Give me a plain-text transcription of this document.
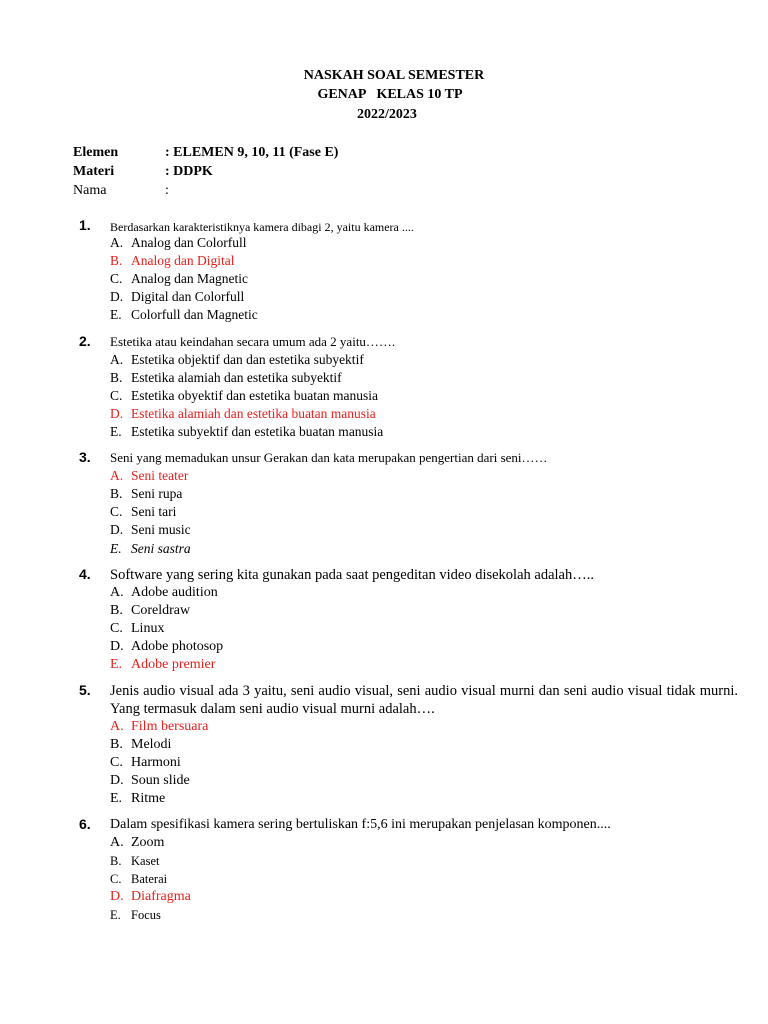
NASKAH SOAL SEMESTER
GENAP KELAS 10 TP
2022/2023
Elemen	: ELEMEN 9, 10, 11 (Fase E)
Materi	: DDPK
Nama	:
1. Berdasarkan karakteristiknya kamera dibagi 2, yaitu kamera ....
A. Analog dan Colorfull
B. Analog dan Digital
C. Analog dan Magnetic
D. Digital dan Colorfull
E. Colorfull dan Magnetic
2. Estetika atau keindahan secara umum ada 2 yaitu…….
A. Estetika objektif dan dan estetika subyektif
B. Estetika alamiah dan estetika subyektif
C. Estetika obyektif dan estetika buatan manusia
D. Estetika alamiah dan estetika buatan manusia
E. Estetika subyektif dan estetika buatan manusia
3. Seni yang memadukan unsur Gerakan dan kata merupakan pengertian dari seni……
A. Seni teater
B. Seni rupa
C. Seni tari
D. Seni music
E. Seni sastra
4. Software yang sering kita gunakan pada saat pengeditan video disekolah adalah…..
A. Adobe audition
B. Coreldraw
C. Linux
D. Adobe photosop
E. Adobe premier
5. Jenis audio visual ada 3 yaitu, seni audio visual, seni audio visual murni dan seni audio visual tidak murni. Yang termasuk dalam seni audio visual murni adalah….
A. Film bersuara
B. Melodi
C. Harmoni
D. Soun slide
E. Ritme
6. Dalam spesifikasi kamera sering bertuliskan f:5,6 ini merupakan penjelasan komponen....
A. Zoom
B. Kaset
C. Baterai
D. Diafragma
E. Focus
